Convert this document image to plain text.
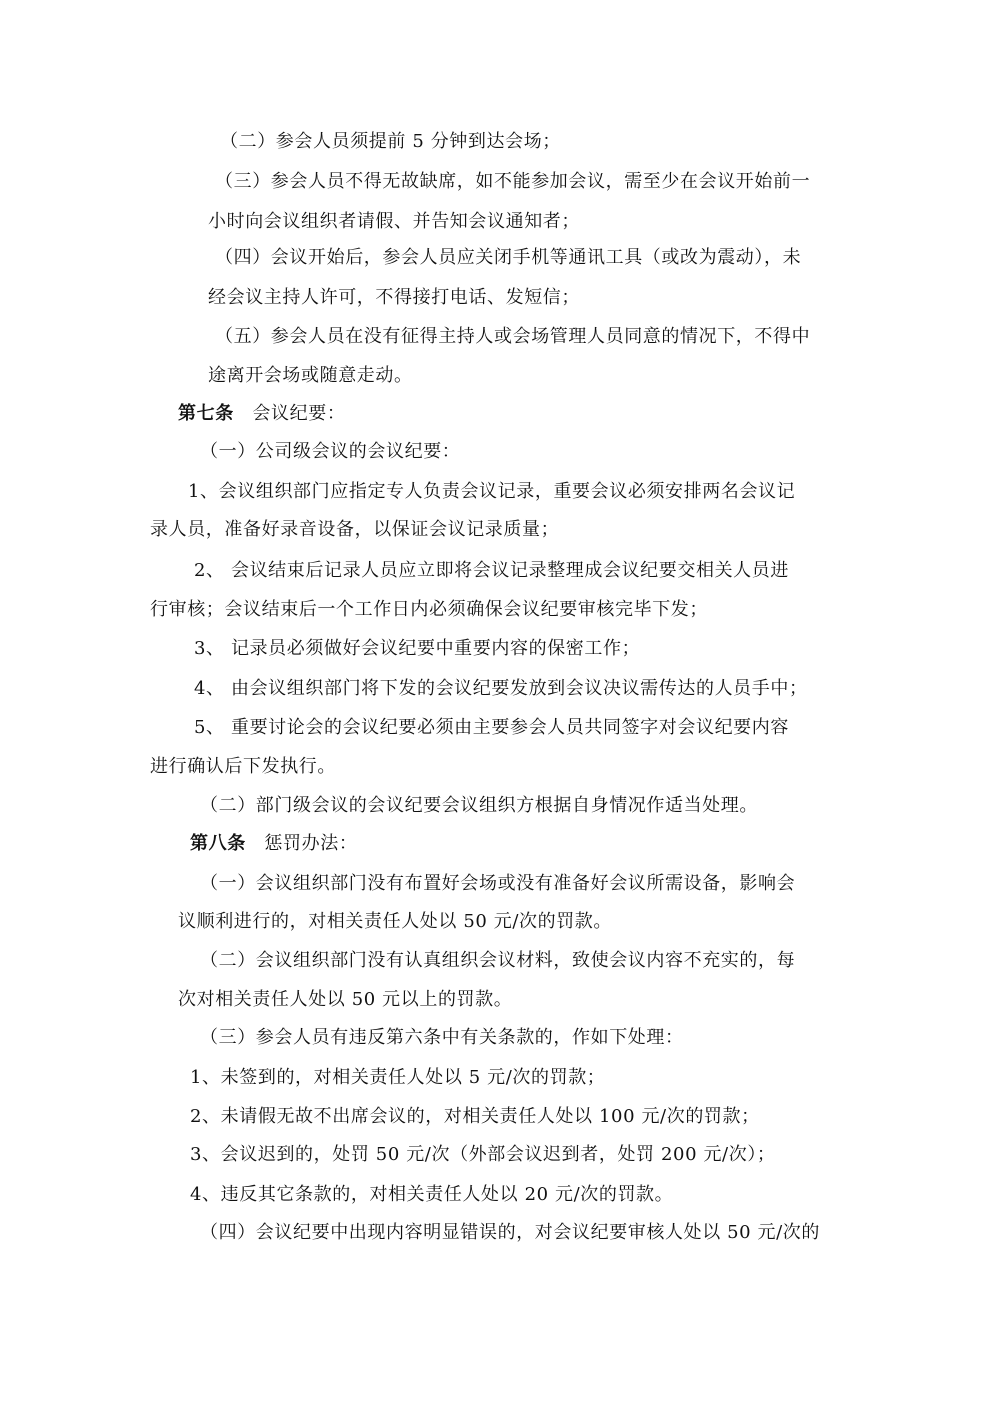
（二）参会人员须提前 5 分钟到达会场；
（三）参会人员不得无故缺席，如不能参加会议，需至少在会议开始前一
小时向会议组织者请假、并告知会议通知者；
（四）会议开始后，参会人员应关闭手机等通讯工具（或改为震动），未
经会议主持人许可，不得接打电话、发短信；
（五）参会人员在没有征得主持人或会场管理人员同意的情况下，不得中
途离开会场或随意走动。
第七条　 会议纪要：
（一）公司级会议的会议纪要：
1、会议组织部门应指定专人负责会议记录，重要会议必须安排两名会议记
录人员，准备好录音设备，以保证会议记录质量；
2、 会议结束后记录人员应立即将会议记录整理成会议纪要交相关人员进
行审核；会议结束后一个工作日内必须确保会议纪要审核完毕下发；
3、 记录员必须做好会议纪要中重要内容的保密工作；
4、 由会议组织部门将下发的会议纪要发放到会议决议需传达的人员手中；
5、 重要讨论会的会议纪要必须由主要参会人员共同签字对会议纪要内容
进行确认后下发执行。
（二）部门级会议的会议纪要会议组织方根据自身情况作适当处理。
第八条　 惩罚办法：
（一）会议组织部门没有布置好会场或没有准备好会议所需设备，影响会
议顺利进行的，对相关责任人处以 50 元/次的罚款。
（二）会议组织部门没有认真组织会议材料，致使会议内容不充实的，每
次对相关责任人处以 50 元以上的罚款。
（三）参会人员有违反第六条中有关条款的，作如下处理：
1、未签到的，对相关责任人处以 5 元/次的罚款；
2、未请假无故不出席会议的，对相关责任人处以 100 元/次的罚款；
3、会议迟到的，处罚 50 元/次（外部会议迟到者，处罚 200 元/次）；
4、违反其它条款的，对相关责任人处以 20 元/次的罚款。
（四）会议纪要中出现内容明显错误的，对会议纪要审核人处以 50 元/次的
